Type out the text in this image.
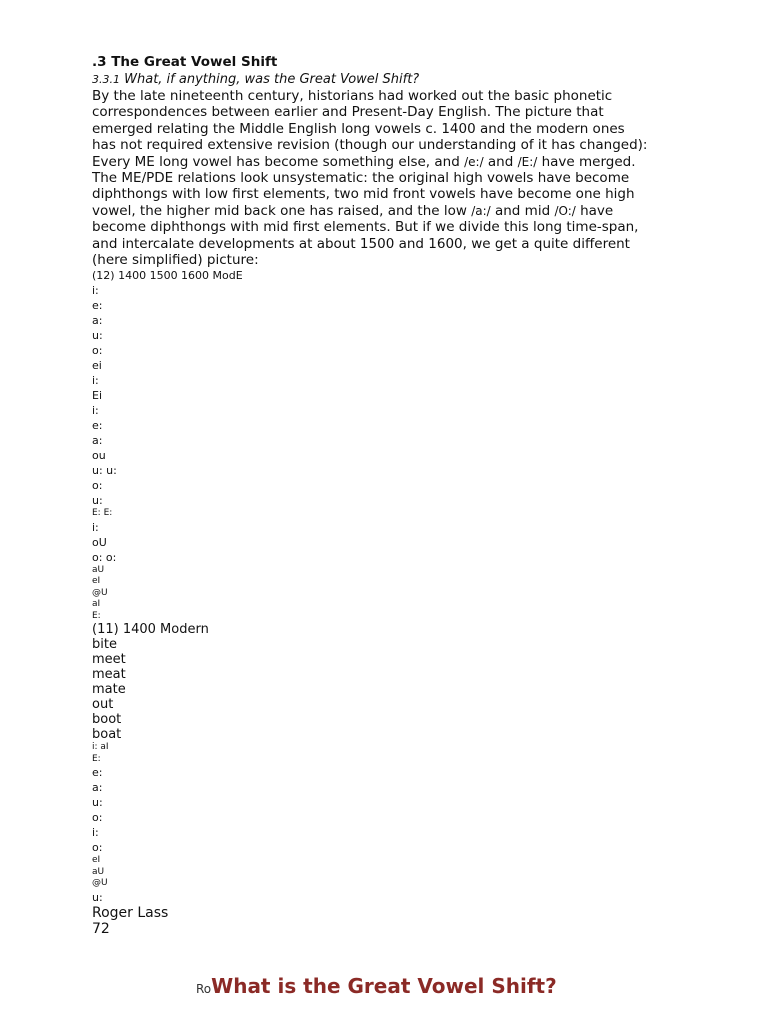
.3 The Great Vowel Shift
3.3.1 What, if anything, was the Great Vowel Shift?
By the late nineteenth century, historians had worked out the basic phonetic correspondences between earlier and Present-Day English. The picture that emerged relating the Middle English long vowels c. 1400 and the modern ones has not required extensive revision (though our understanding of it has changed):
Every ME long vowel has become something else, and /e:/ and /E:/ have merged. The ME/PDE relations look unsystematic: the original high vowels have become diphthongs with low first elements, two mid front vowels have become one high vowel, the higher mid back one has raised, and the low /a:/ and mid /O:/ have become diphthongs with mid first elements. But if we divide this long time-span, and intercalate developments at about 1500 and 1600, we get a quite different (here simplified) picture:
(12) 1400 1500 1600 ModE
i:
e:
a:
u:
o:
ei
i:
Ei
i:
e:
a:
ou
u: u:
o:
u:
E: E:
i:
oU
o: o:
aU
eI
@U
aI
E:
(11) 1400 Modern
bite
meet
meat
mate
out
boot
boat
i: aI
E:
e:
a:
u:
o:
i:
o:
eI
aU
@U
u:
Roger Lass
72
RoWhat is the Great Vowel Shift?
